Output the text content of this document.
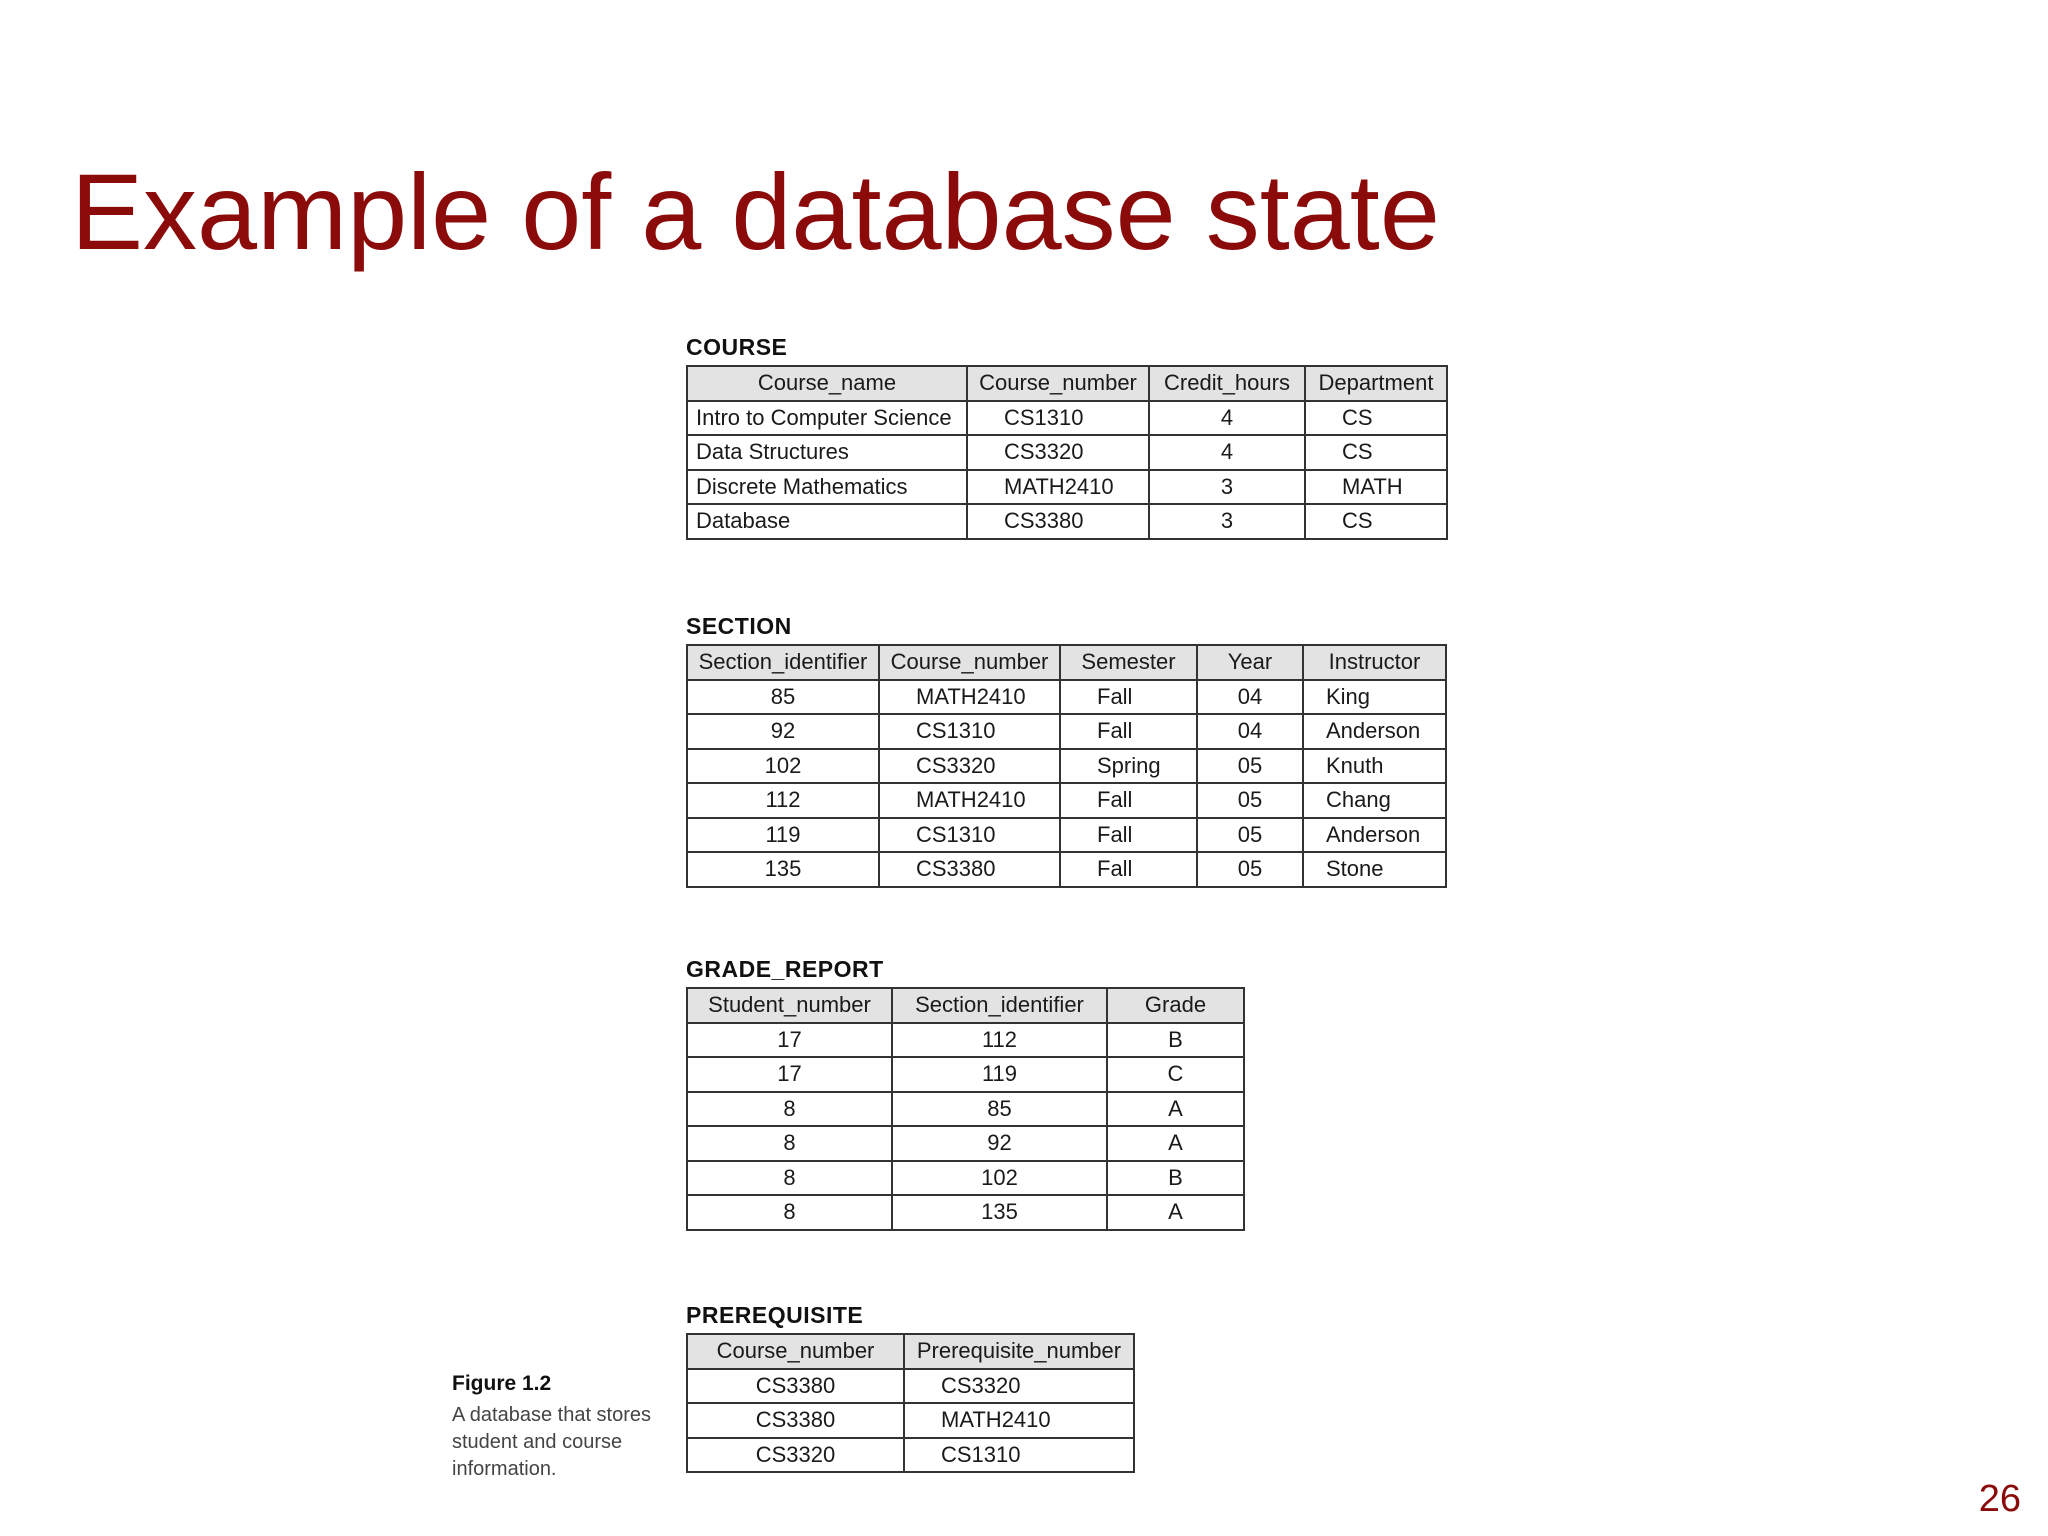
Example of a database state
COURSE
Course_name	Course_number	Credit_hours	Department
Intro to Computer Science	CS1310	4	CS
Data Structures	CS3320	4	CS
Discrete Mathematics	MATH2410	3	MATH
Database	CS3380	3	CS
SECTION
Section_identifier	Course_number	Semester	Year	Instructor
85	MATH2410	Fall	04	King
92	CS1310	Fall	04	Anderson
102	CS3320	Spring	05	Knuth
112	MATH2410	Fall	05	Chang
119	CS1310	Fall	05	Anderson
135	CS3380	Fall	05	Stone
GRADE_REPORT
Student_number	Section_identifier	Grade
17	112	B
17	119	C
8	85	A
8	92	A
8	102	B
8	135	A
PREREQUISITE
Course_number	Prerequisite_number
CS3380	CS3320
CS3380	MATH2410
CS3320	CS1310
Figure 1.2
A database that stores student and course information.
26
